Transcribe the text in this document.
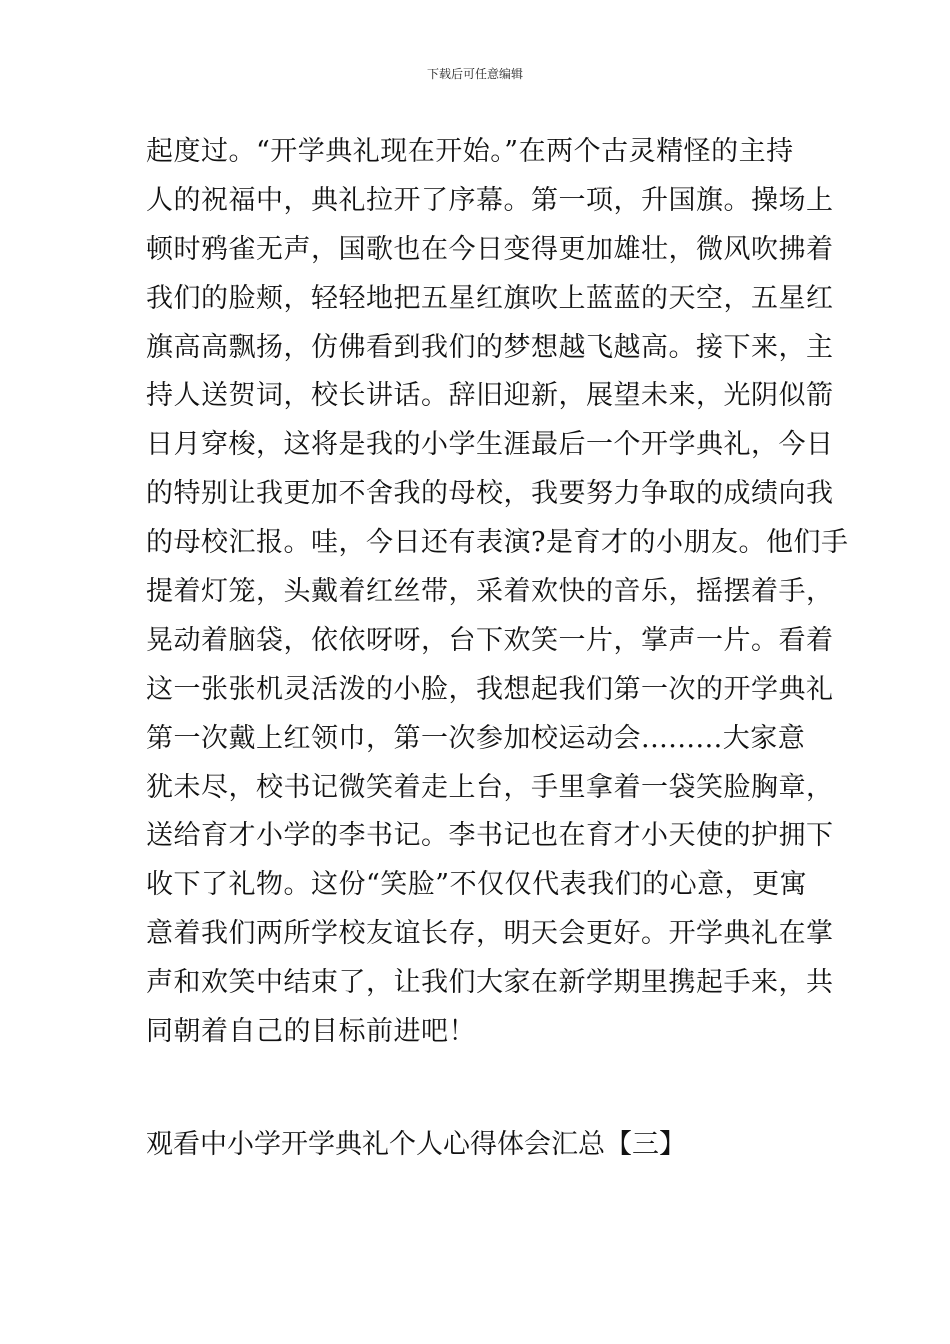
下载后可任意编辑
起度过。“开学典礼现在开始。”在两个古灵精怪的主持
人的祝福中，典礼拉开了序幕。第一项，升国旗。操场上
顿时鸦雀无声，国歌也在今日变得更加雄壮，微风吹拂着
我们的脸颊，轻轻地把五星红旗吹上蓝蓝的天空，五星红
旗高高飘扬，仿佛看到我们的梦想越飞越高。接下来，主
持人送贺词，校长讲话。辞旧迎新，展望未来，光阴似箭
日月穿梭，这将是我的小学生涯最后一个开学典礼，今日
的特别让我更加不舍我的母校，我要努力争取的成绩向我
的母校汇报。哇，今日还有表演?是育才的小朋友。他们手
提着灯笼，头戴着红丝带，采着欢快的音乐，摇摆着手，
晃动着脑袋，依依呀呀，台下欢笑一片，掌声一片。看着
这一张张机灵活泼的小脸，我想起我们第一次的开学典礼
第一次戴上红领巾，第一次参加校运动会.........大家意
犹未尽，校书记微笑着走上台，手里拿着一袋笑脸胸章，
送给育才小学的李书记。李书记也在育才小天使的护拥下
收下了礼物。这份“笑脸”不仅仅代表我们的心意，更寓
意着我们两所学校友谊长存，明天会更好。开学典礼在掌
声和欢笑中结束了，让我们大家在新学期里携起手来，共
同朝着自己的目标前进吧！
观看中小学开学典礼个人心得体会汇总【三】
